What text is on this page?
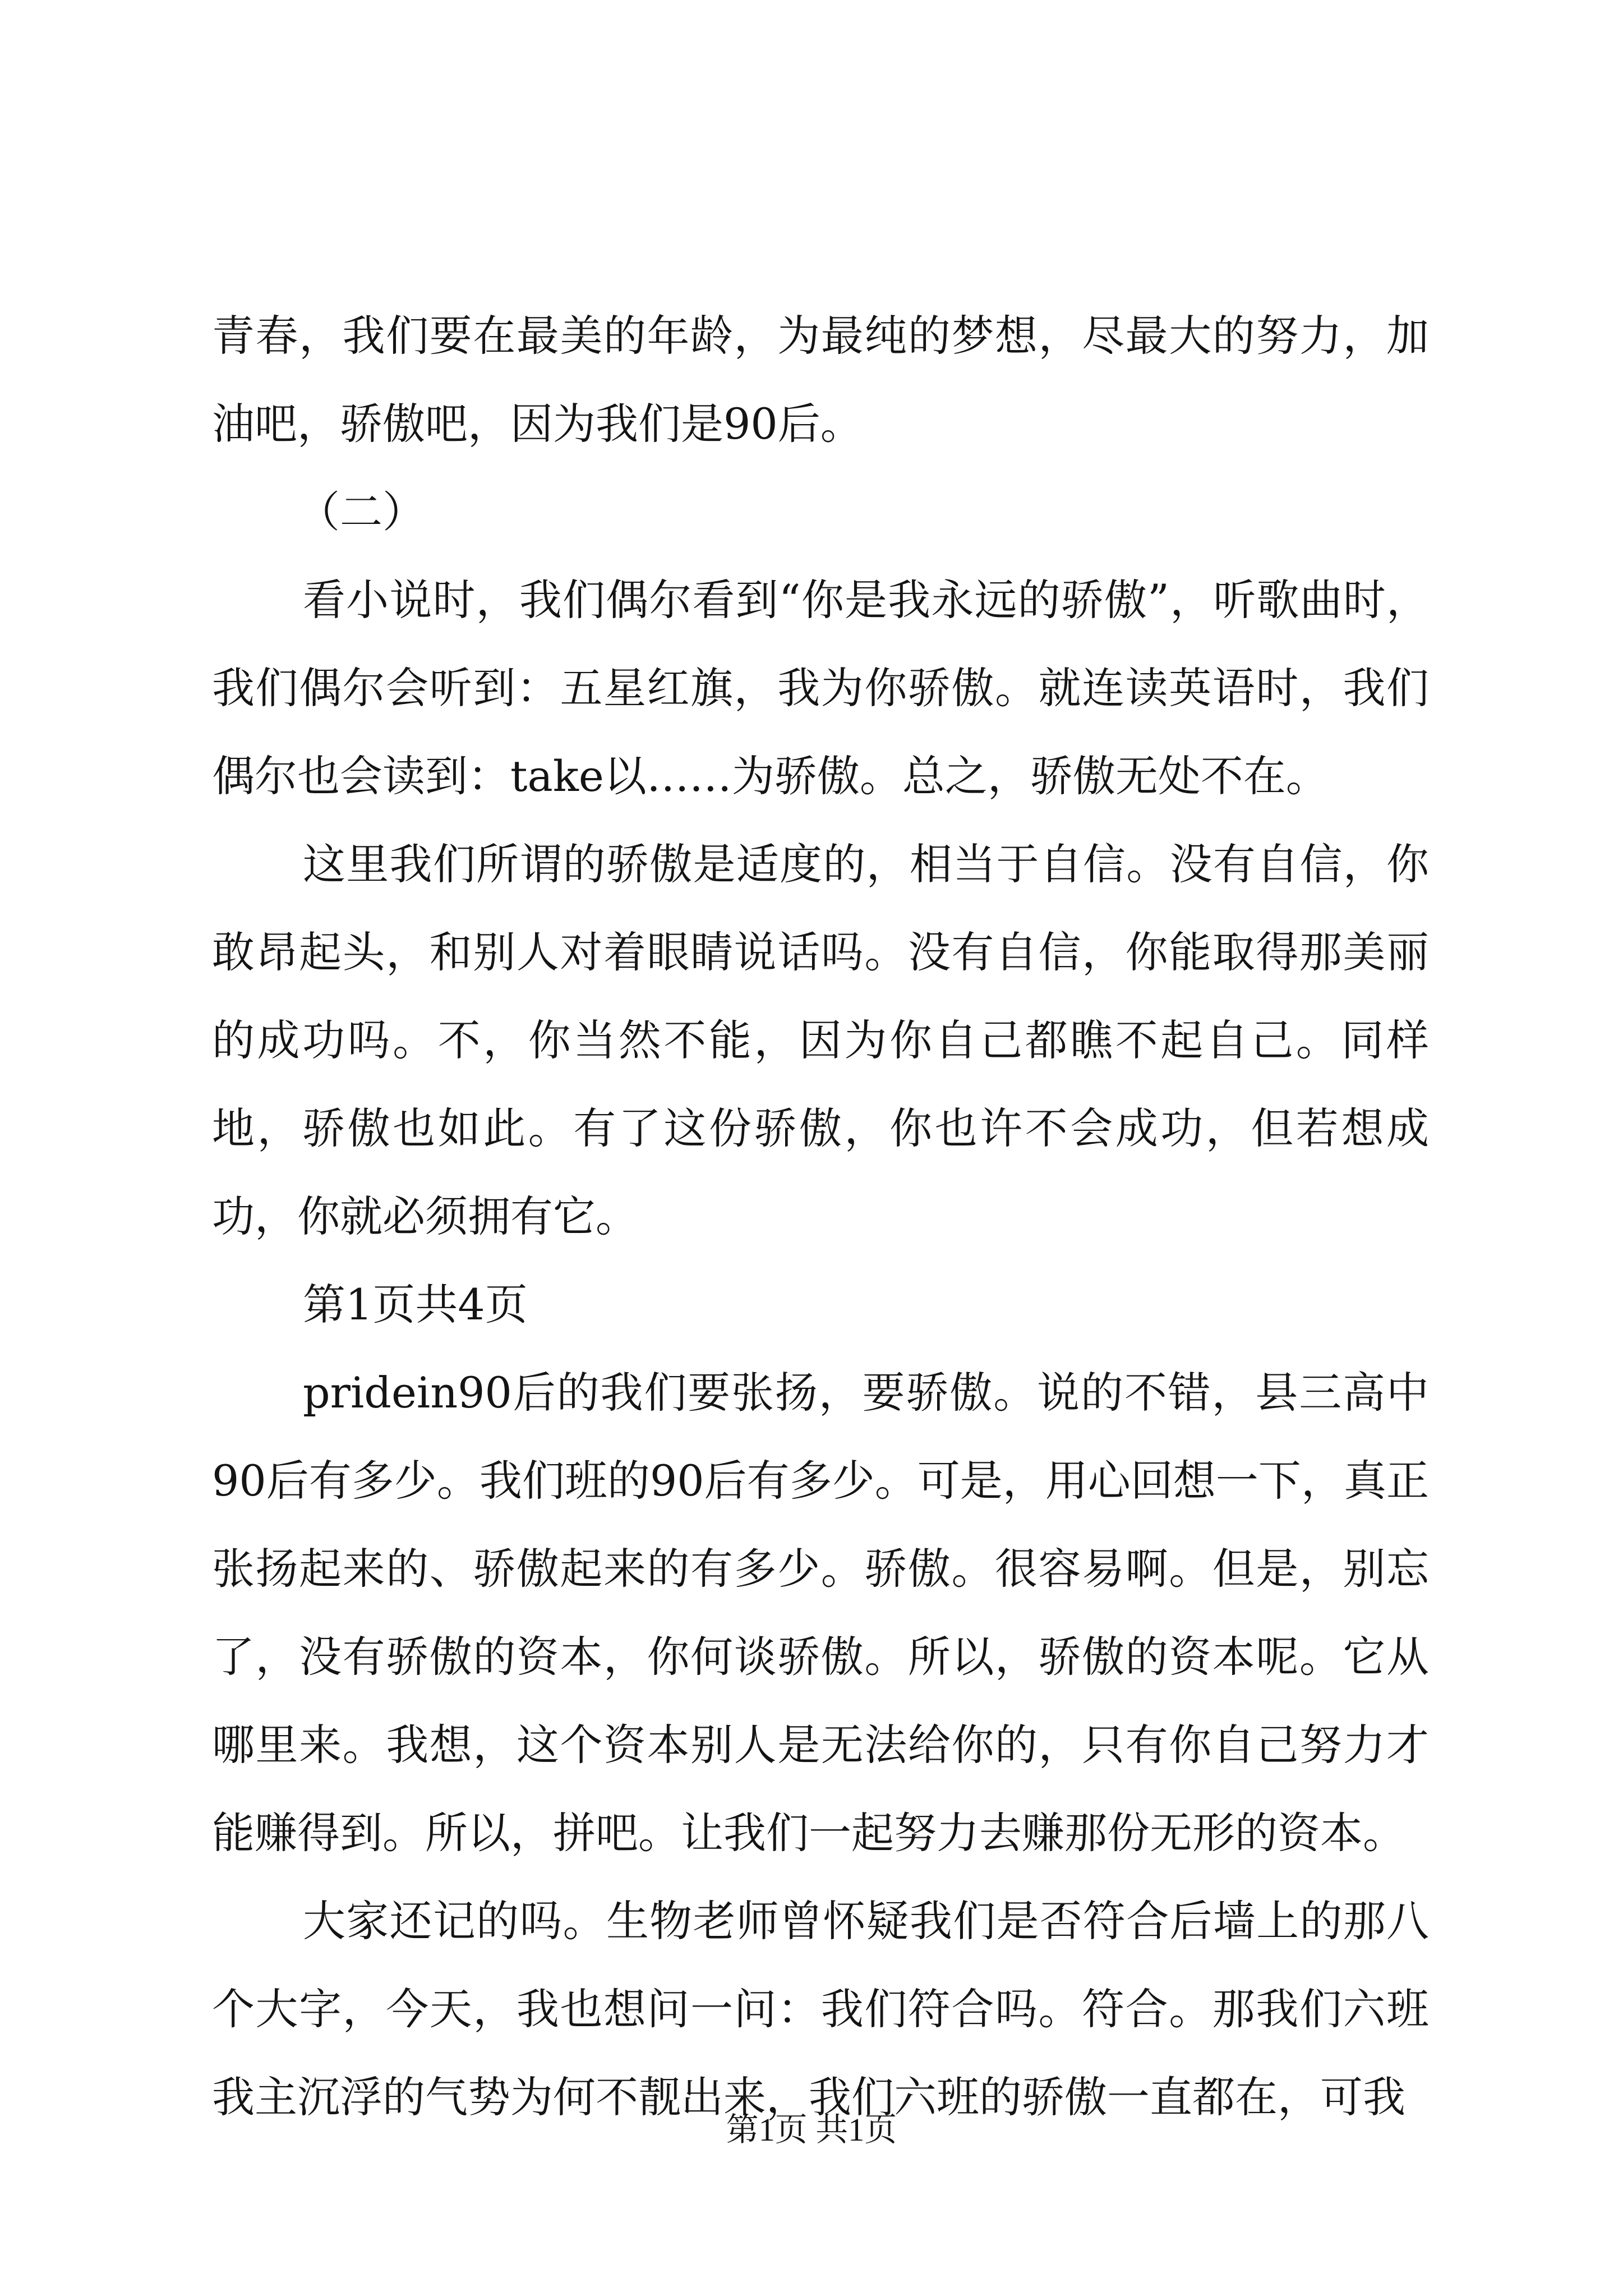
青春，我们要在最美的年龄，为最纯的梦想，尽最大的努力，加油吧，骄傲吧，因为我们是90后。

（二）

看小说时，我们偶尔看到“你是我永远的骄傲”，听歌曲时，我们偶尔会听到：五星红旗，我为你骄傲。就连读英语时，我们偶尔也会读到：take以……为骄傲。总之，骄傲无处不在。

这里我们所谓的骄傲是适度的，相当于自信。没有自信，你敢昂起头，和别人对着眼睛说话吗。没有自信，你能取得那美丽的成功吗。不，你当然不能，因为你自己都瞧不起自己。同样地，骄傲也如此。有了这份骄傲，你也许不会成功，但若想成功，你就必须拥有它。

第1页共4页

pridein90后的我们要张扬，要骄傲。说的不错，县三高中90后有多少。我们班的90后有多少。可是，用心回想一下，真正张扬起来的、骄傲起来的有多少。骄傲。很容易啊。但是，别忘了，没有骄傲的资本，你何谈骄傲。所以，骄傲的资本呢。它从哪里来。我想，这个资本别人是无法给你的，只有你自己努力才能赚得到。所以，拼吧。让我们一起努力去赚那份无形的资本。

大家还记的吗。生物老师曾怀疑我们是否符合后墙上的那八个大字，今天，我也想问一问：我们符合吗。符合。那我们六班我主沉浮的气势为何不靓出来，我们六班的骄傲一直都在，可我

第1页 共1页
